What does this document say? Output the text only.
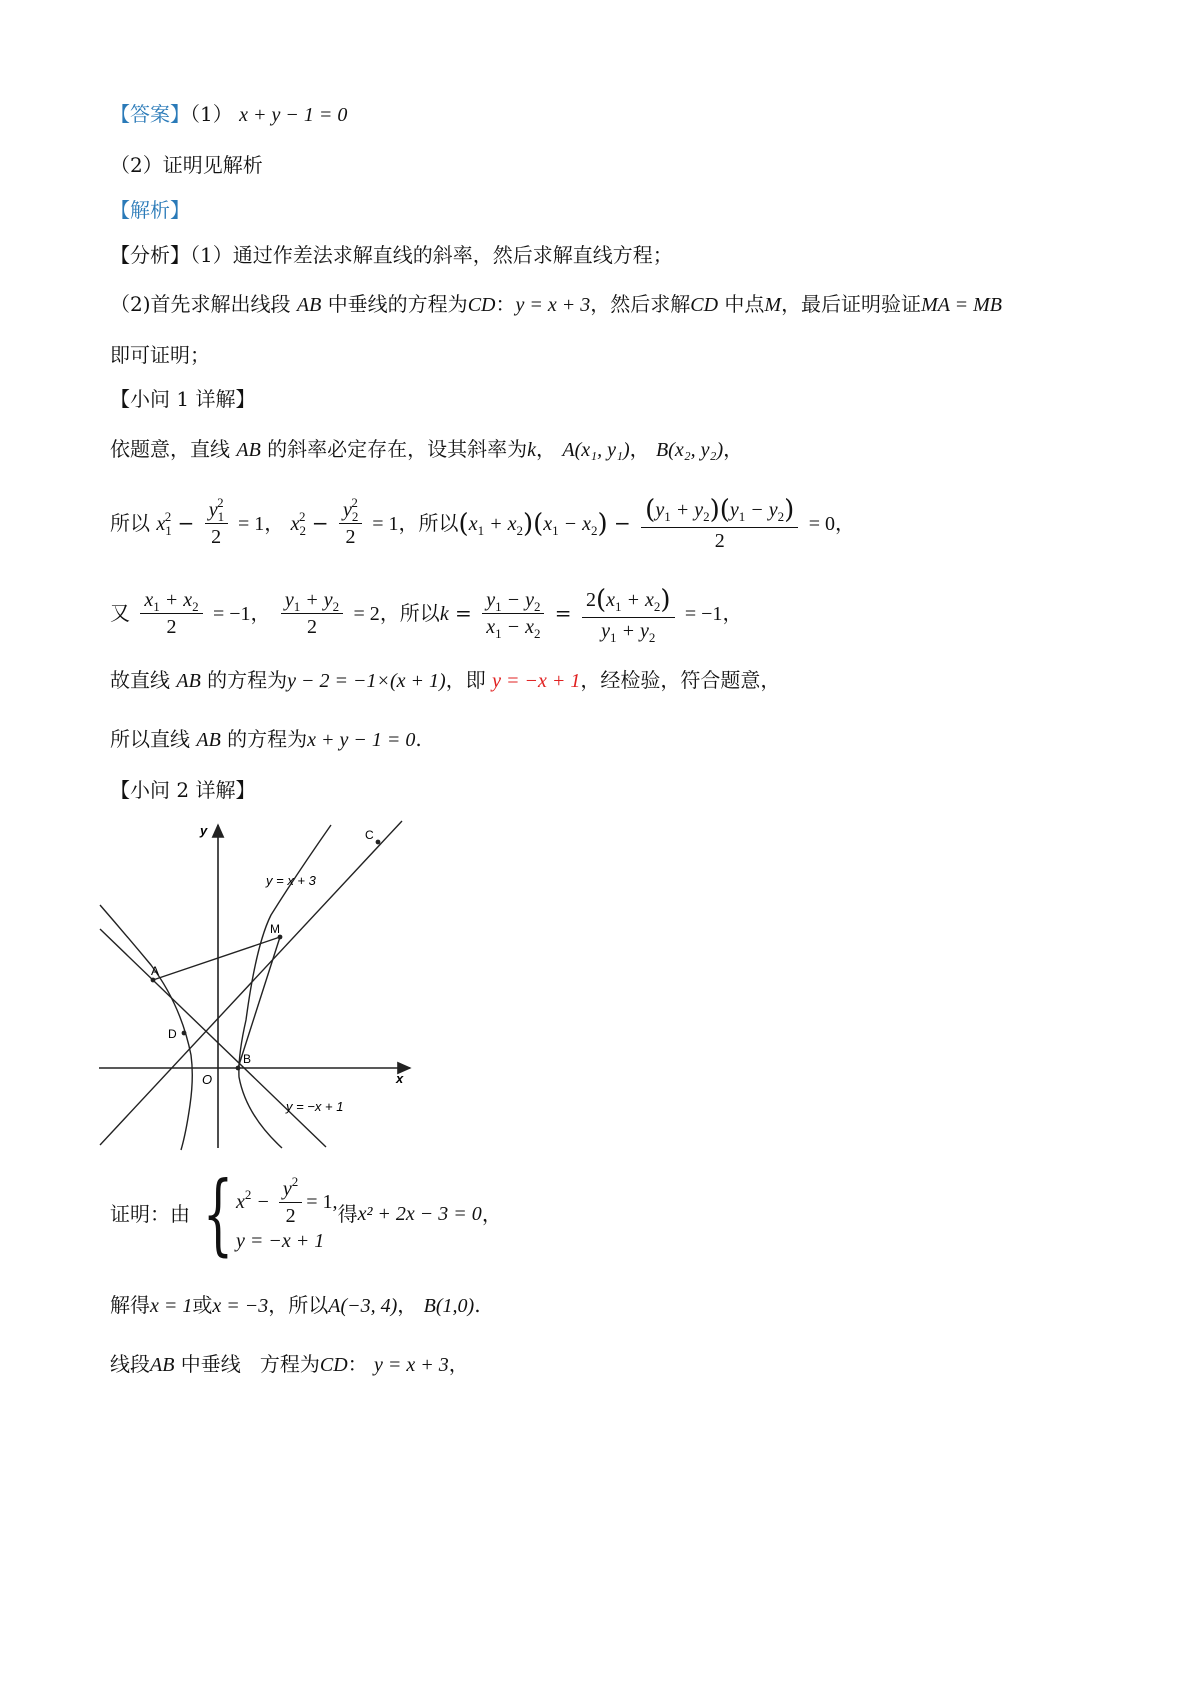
【答案】（1） x + y − 1 = 0
（2）证明见解析
【解析】
【分析】（1）通过作差法求解直线的斜率，然后求解直线方程；
（2)首先求解出线段 AB 中垂线的方程为CD：y = x + 3，然后求解CD 中点M，最后证明验证MA = MB
即可证明；
【小问 1 详解】
依题意，直线 AB 的斜率必定存在，设其斜率为k， A(x₁, y₁)， B(x₂, y₂)，
所以 $x_1^2 - \frac{y_1^2}{2} = 1$， $x_2^2 - \frac{y_2^2}{2} = 1$，所以$(x_1 + x_2)(x_1 - x_2) - \frac{(y_1 + y_2)(y_1 - y_2)}{2} = 0$，
又 $\frac{x_1 + x_2}{2} = -1$， $\frac{y_1 + y_2}{2} = 2$，所以$k = \frac{y_1 - y_2}{x_1 - x_2} = \frac{2(x_1 + x_2)}{y_1 + y_2} = -1$，
故直线 AB 的方程为y − 2 = −1×(x + 1)，即 y = −x + 1，经检验，符合题意，
所以直线 AB 的方程为x + y − 1 = 0.
【小问 2 详解】
x
y
O
A
B
C
D
M
y = x + 3
y = −x + 1
证明：由 { $x^2 - \frac{y^2}{2} = 1$,
y = −x + 1
得x² + 2x − 3 = 0，
解得x = 1或x = −3，所以A(−3, 4)， B(1,0).
线段AB 中垂线 方程为CD： y = x + 3，
